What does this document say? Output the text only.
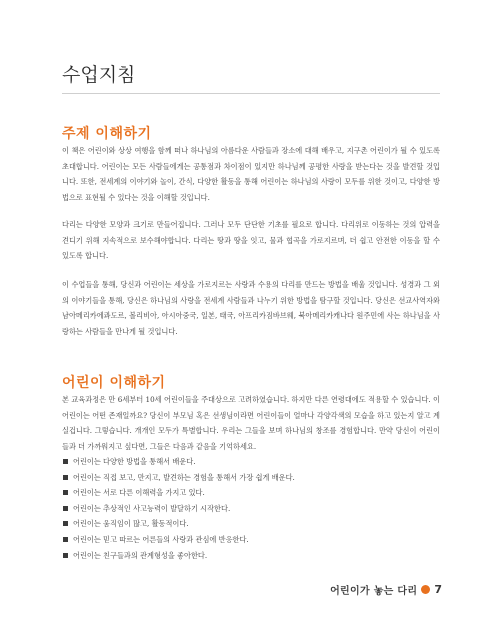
수업지침
주제 이해하기

이 책은 어린이와 상상 여행을 함께 떠나 하나님의 아름다운 사람들과 장소에 대해 배우고, 지구촌 어린이가 될 수 있도록 초대합니다. 어린이는 모든 사람들에게는 공통점과 차이점이 있지만 하나님께 공평한 사랑을 받는다는 것을 발견할 것입니다. 또한, 전세계의 이야기와 놀이, 간식, 다양한 활동을 통해 어린이는 하나님의 사랑이 모두를 위한 것이고, 다양한 방법으로 표현될 수 있다는 것을 이해할 것입니다.

다리는 다양한 모양과 크기로 만들어집니다. 그러나 모두 단단한 기초를 필요로 합니다. 다리위로 이동하는 것의 압력을 견디기 위해 지속적으로 보수해야합니다. 다리는 땅과 땅을 잇고, 물과 협곡을 가로지르며, 더 쉽고 안전한 이동을 할 수 있도록 합니다.

이 수업들을 통해, 당신과 어린이는 세상을 가로지르는 사랑과 수용의 다리를 만드는 방법을 배울 것입니다. 성경과 그 외의 이야기들을 통해, 당신은 하나님의 사랑을 전세계 사람들과 나누기 위한 방법을 탐구할 것입니다. 당신은 선교사역자와 남아메리카에콰도르, 볼리비아, 아시아중국, 일본, 태국, 아프리카짐바브웨, 북아메리카캐나다 원주민에 사는 하나님을 사랑하는 사람들을 만나게 될 것입니다.

어린이 이해하기

본 교육과정은 만 6세부터 10세 어린이들을 주대상으로 고려하였습니다. 하지만 다른 연령대에도 적용할 수 있습니다. 이 어린이는 어떤 존재일까요? 당신이 부모님 혹은 선생님이라면 어린이들이 얼마나 각양각색의 모습을 하고 있는지 알고 계실겁니다. 그렇습니다. 개개인 모두가 특별합니다. 우리는 그들을 보며 하나님의 창조를 경험합니다. 만약 당신이 어린이들과 더 가까워지고 싶다면, 그들은 다음과 같음을 기억하세요.

어린이는 다양한 방법을 통해서 배운다.
어린이는 직접 보고, 만지고, 발견하는 경험을 통해서 가장 쉽게 배운다.
어린이는 서로 다른 이해력을 가지고 있다.
어린이는 추상적인 사고능력이 발달하기 시작한다.
어린이는 움직임이 많고, 활동적이다.
어린이는 믿고 따르는 어른들의 사랑과 관심에 반응한다.
어린이는 친구들과의 관계형성을 좋아한다.
어린이가 놓는 다리 7
